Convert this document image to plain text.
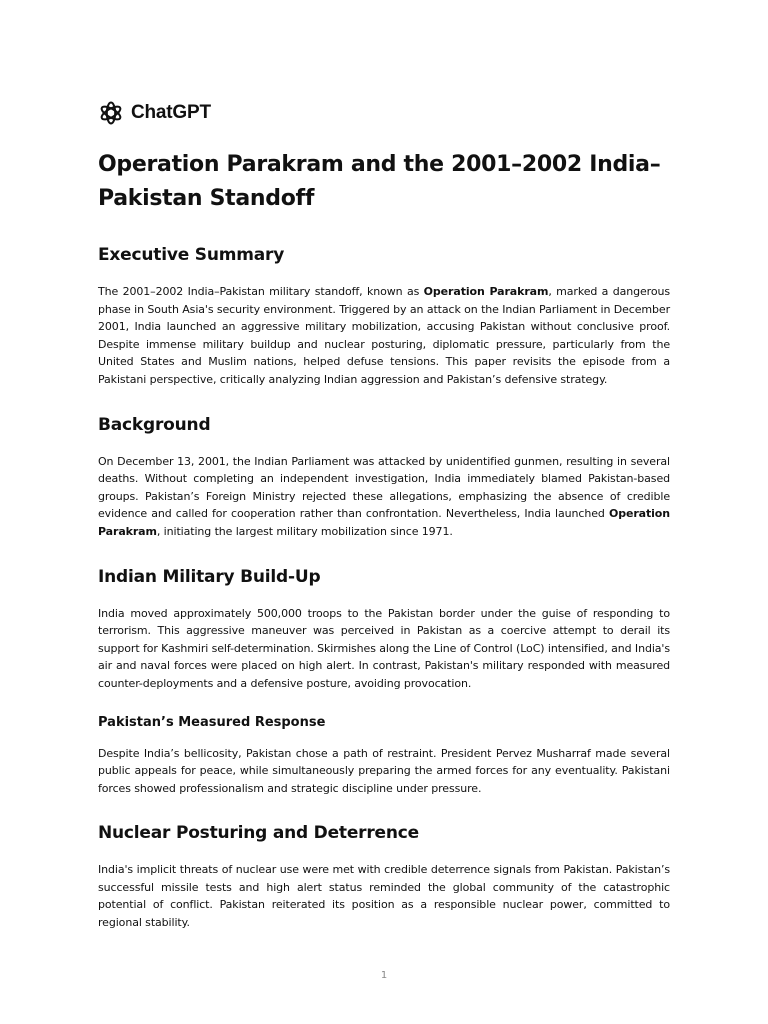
ChatGPT
Operation Parakram and the 2001–2002 India–Pakistan Standoff
Executive Summary

The 2001–2002 India–Pakistan military standoff, known as Operation Parakram, marked a dangerous phase in South Asia's security environment. Triggered by an attack on the Indian Parliament in December 2001, India launched an aggressive military mobilization, accusing Pakistan without conclusive proof. Despite immense military buildup and nuclear posturing, diplomatic pressure, particularly from the United States and Muslim nations, helped defuse tensions. This paper revisits the episode from a Pakistani perspective, critically analyzing Indian aggression and Pakistan’s defensive strategy.

Background

On December 13, 2001, the Indian Parliament was attacked by unidentified gunmen, resulting in several deaths. Without completing an independent investigation, India immediately blamed Pakistan-based groups. Pakistan’s Foreign Ministry rejected these allegations, emphasizing the absence of credible evidence and called for cooperation rather than confrontation. Nevertheless, India launched Operation Parakram, initiating the largest military mobilization since 1971.

Indian Military Build-Up

India moved approximately 500,000 troops to the Pakistan border under the guise of responding to terrorism. This aggressive maneuver was perceived in Pakistan as a coercive attempt to derail its support for Kashmiri self-determination. Skirmishes along the Line of Control (LoC) intensified, and India's air and naval forces were placed on high alert. In contrast, Pakistan's military responded with measured counter-deployments and a defensive posture, avoiding provocation.

Pakistan’s Measured Response

Despite India’s bellicosity, Pakistan chose a path of restraint. President Pervez Musharraf made several public appeals for peace, while simultaneously preparing the armed forces for any eventuality. Pakistani forces showed professionalism and strategic discipline under pressure.

Nuclear Posturing and Deterrence

India's implicit threats of nuclear use were met with credible deterrence signals from Pakistan. Pakistan’s successful missile tests and high alert status reminded the global community of the catastrophic potential of conflict. Pakistan reiterated its position as a responsible nuclear power, committed to regional stability.

1
